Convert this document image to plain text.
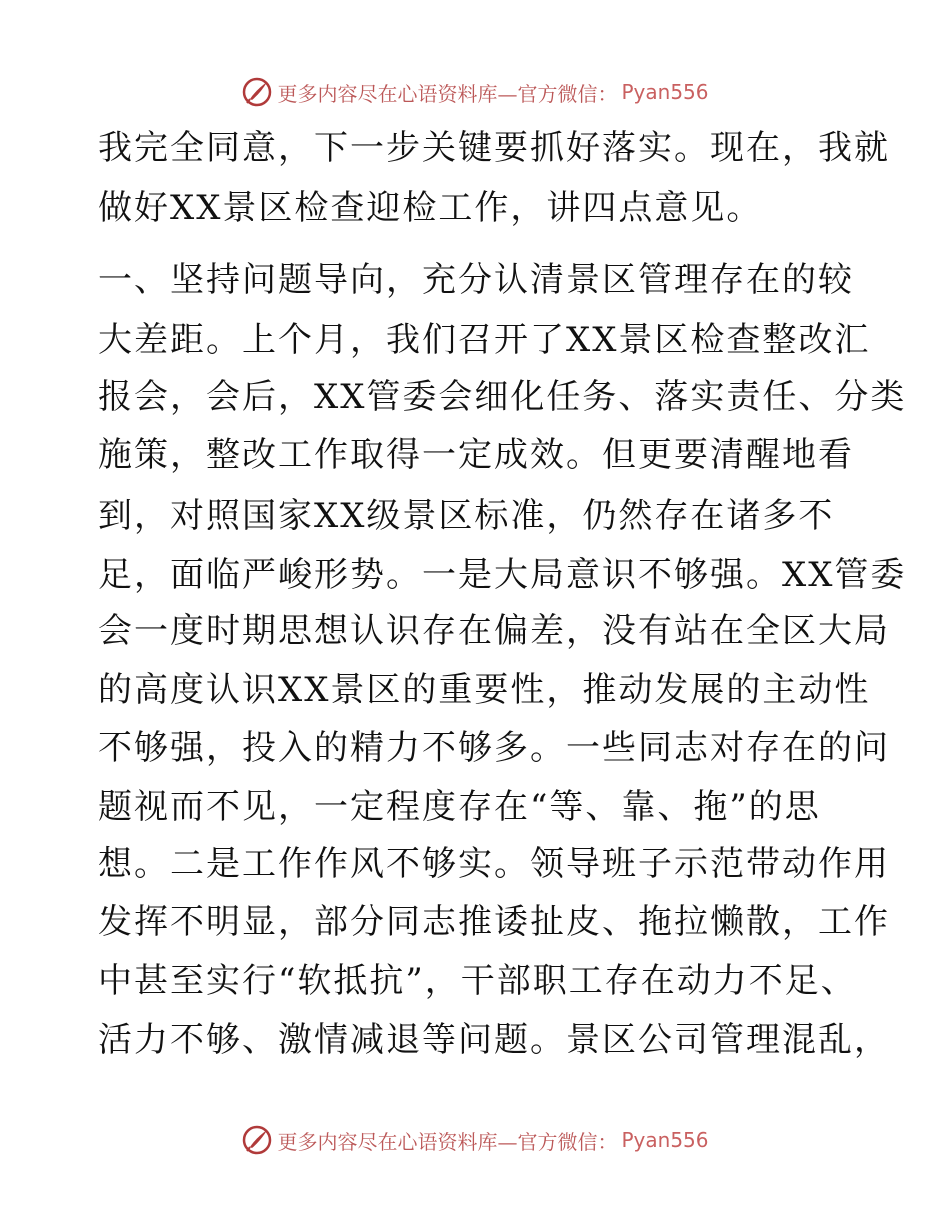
更多内容尽在心语资料库—官方微信： Pyan556
我完全同意，下一步关键要抓好落实。现在，我就
做好XX景区检查迎检工作，讲四点意见。
一、坚持问题导向，充分认清景区管理存在的较
大差距。上个月，我们召开了XX景区检查整改汇
报会，会后，XX管委会细化任务、落实责任、分类
施策，整改工作取得一定成效。但更要清醒地看
到，对照国家XX级景区标准，仍然存在诸多不
足，面临严峻形势。一是大局意识不够强。XX管委
会一度时期思想认识存在偏差，没有站在全区大局
的高度认识XX景区的重要性，推动发展的主动性
不够强，投入的精力不够多。一些同志对存在的问
题视而不见，一定程度存在“等、靠、拖”的思
想。二是工作作风不够实。领导班子示范带动作用
发挥不明显，部分同志推诿扯皮、拖拉懒散，工作
中甚至实行“软抵抗”，干部职工存在动力不足、
活力不够、激情减退等问题。景区公司管理混乱，
更多内容尽在心语资料库—官方微信： Pyan556
